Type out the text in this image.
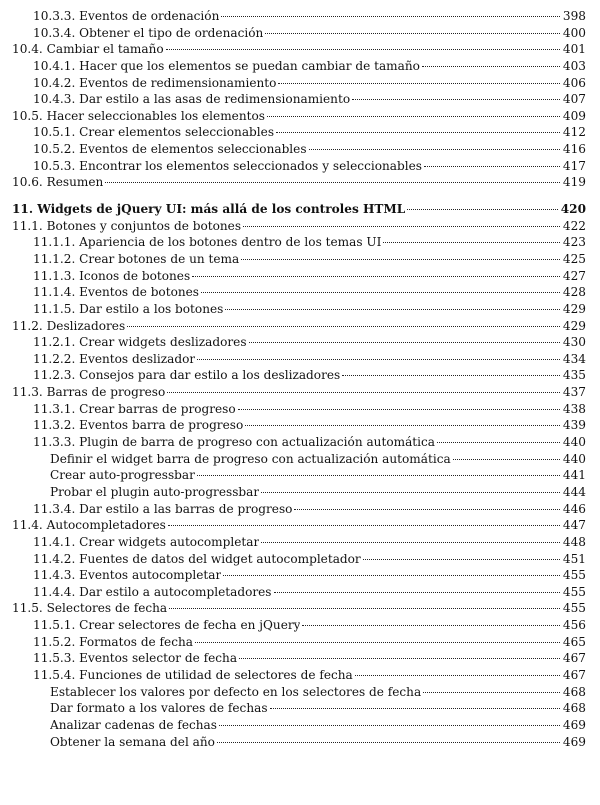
10.3.3. Eventos de ordenación	398
10.3.4. Obtener el tipo de ordenación	400
10.4. Cambiar el tamaño	401
10.4.1. Hacer que los elementos se puedan cambiar de tamaño	403
10.4.2. Eventos de redimensionamiento	406
10.4.3. Dar estilo a las asas de redimensionamiento	407
10.5. Hacer seleccionables los elementos	409
10.5.1. Crear elementos seleccionables	412
10.5.2. Eventos de elementos seleccionables	416
10.5.3. Encontrar los elementos seleccionados y seleccionables	417
10.6. Resumen	419
11. Widgets de jQuery UI: más allá de los controles HTML	420
11.1. Botones y conjuntos de botones	422
11.1.1. Apariencia de los botones dentro de los temas UI	423
11.1.2. Crear botones de un tema	425
11.1.3. Iconos de botones	427
11.1.4. Eventos de botones	428
11.1.5. Dar estilo a los botones	429
11.2. Deslizadores	429
11.2.1. Crear widgets deslizadores	430
11.2.2. Eventos deslizador	434
11.2.3. Consejos para dar estilo a los deslizadores	435
11.3. Barras de progreso	437
11.3.1. Crear barras de progreso	438
11.3.2. Eventos barra de progreso	439
11.3.3. Plugin de barra de progreso con actualización automática	440
Definir el widget barra de progreso con actualización automática	440
Crear auto-progressbar	441
Probar el plugin auto-progressbar	444
11.3.4. Dar estilo a las barras de progreso	446
11.4. Autocompletadores	447
11.4.1. Crear widgets autocompletar	448
11.4.2. Fuentes de datos del widget autocompletador	451
11.4.3. Eventos autocompletar	455
11.4.4. Dar estilo a autocompletadores	455
11.5. Selectores de fecha	455
11.5.1. Crear selectores de fecha en jQuery	456
11.5.2. Formatos de fecha	465
11.5.3. Eventos selector de fecha	467
11.5.4. Funciones de utilidad de selectores de fecha	467
Establecer los valores por defecto en los selectores de fecha	468
Dar formato a los valores de fechas	468
Analizar cadenas de fechas	469
Obtener la semana del año	469
